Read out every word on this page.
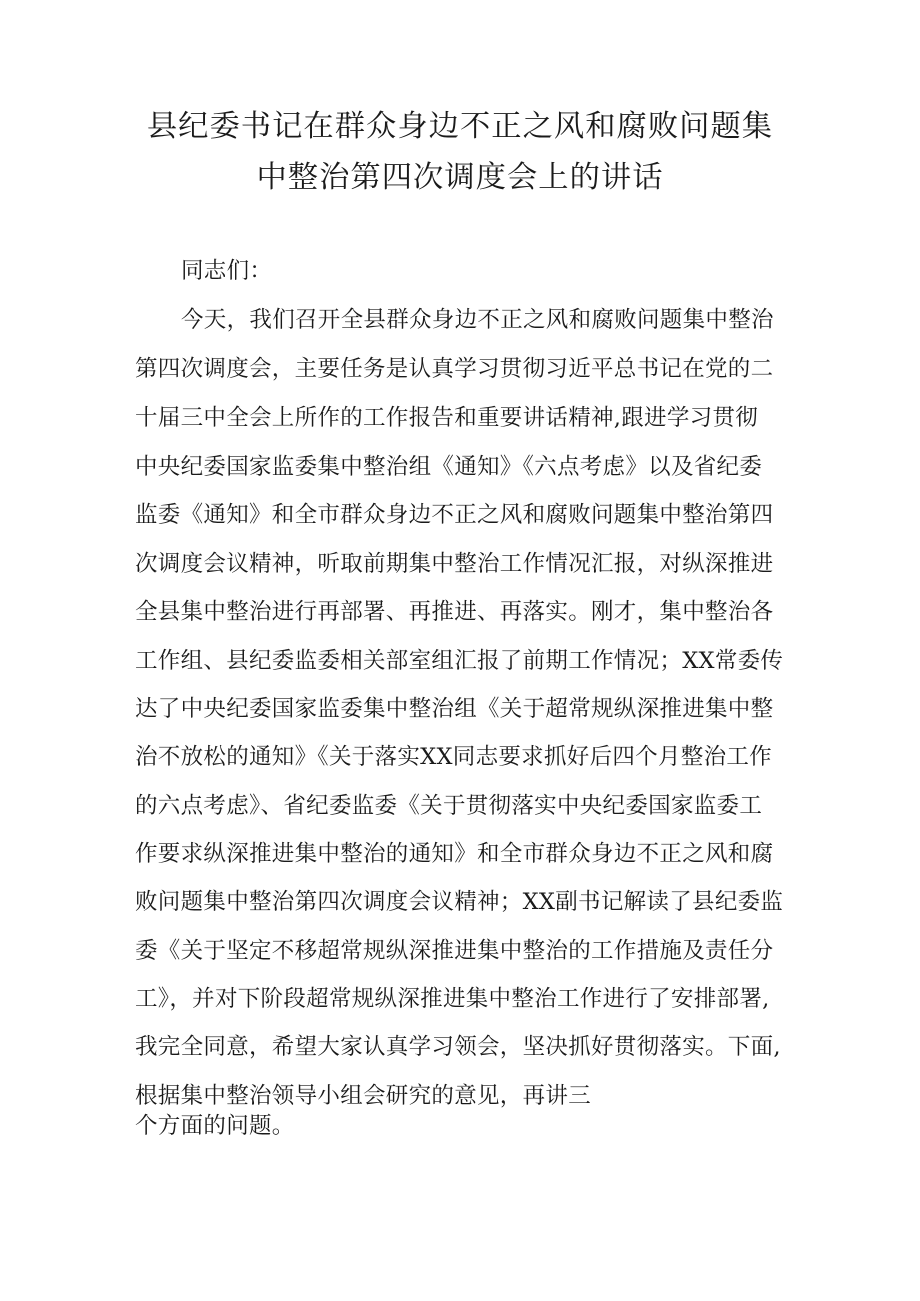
县纪委书记在群众身边不正之风和腐败问题集
中整治第四次调度会上的讲话
同志们：
今天，我们召开全县群众身边不正之风和腐败问题集中整治
第四次调度会，主要任务是认真学习贯彻习近平总书记在党的二
十届三中全会上所作的工作报告和重要讲话精神,跟进学习贯彻
中央纪委国家监委集中整治组《通知》《六点考虑》以及省纪委
监委《通知》和全市群众身边不正之风和腐败问题集中整治第四
次调度会议精神，听取前期集中整治工作情况汇报，对纵深推进
全县集中整治进行再部署、再推进、再落实。刚才，集中整治各
工作组、县纪委监委相关部室组汇报了前期工作情况；XX常委传
达了中央纪委国家监委集中整治组《关于超常规纵深推进集中整
治不放松的通知》《关于落实XX同志要求抓好后四个月整治工作
的六点考虑》、省纪委监委《关于贯彻落实中央纪委国家监委工
作要求纵深推进集中整治的通知》和全市群众身边不正之风和腐
败问题集中整治第四次调度会议精神；XX副书记解读了县纪委监
委《关于坚定不移超常规纵深推进集中整治的工作措施及责任分
工》，并对下阶段超常规纵深推进集中整治工作进行了安排部署,
我完全同意，希望大家认真学习领会，坚决抓好贯彻落实。下面,
根据集中整治领导小组会研究的意见，再讲三
个方面的问题。
